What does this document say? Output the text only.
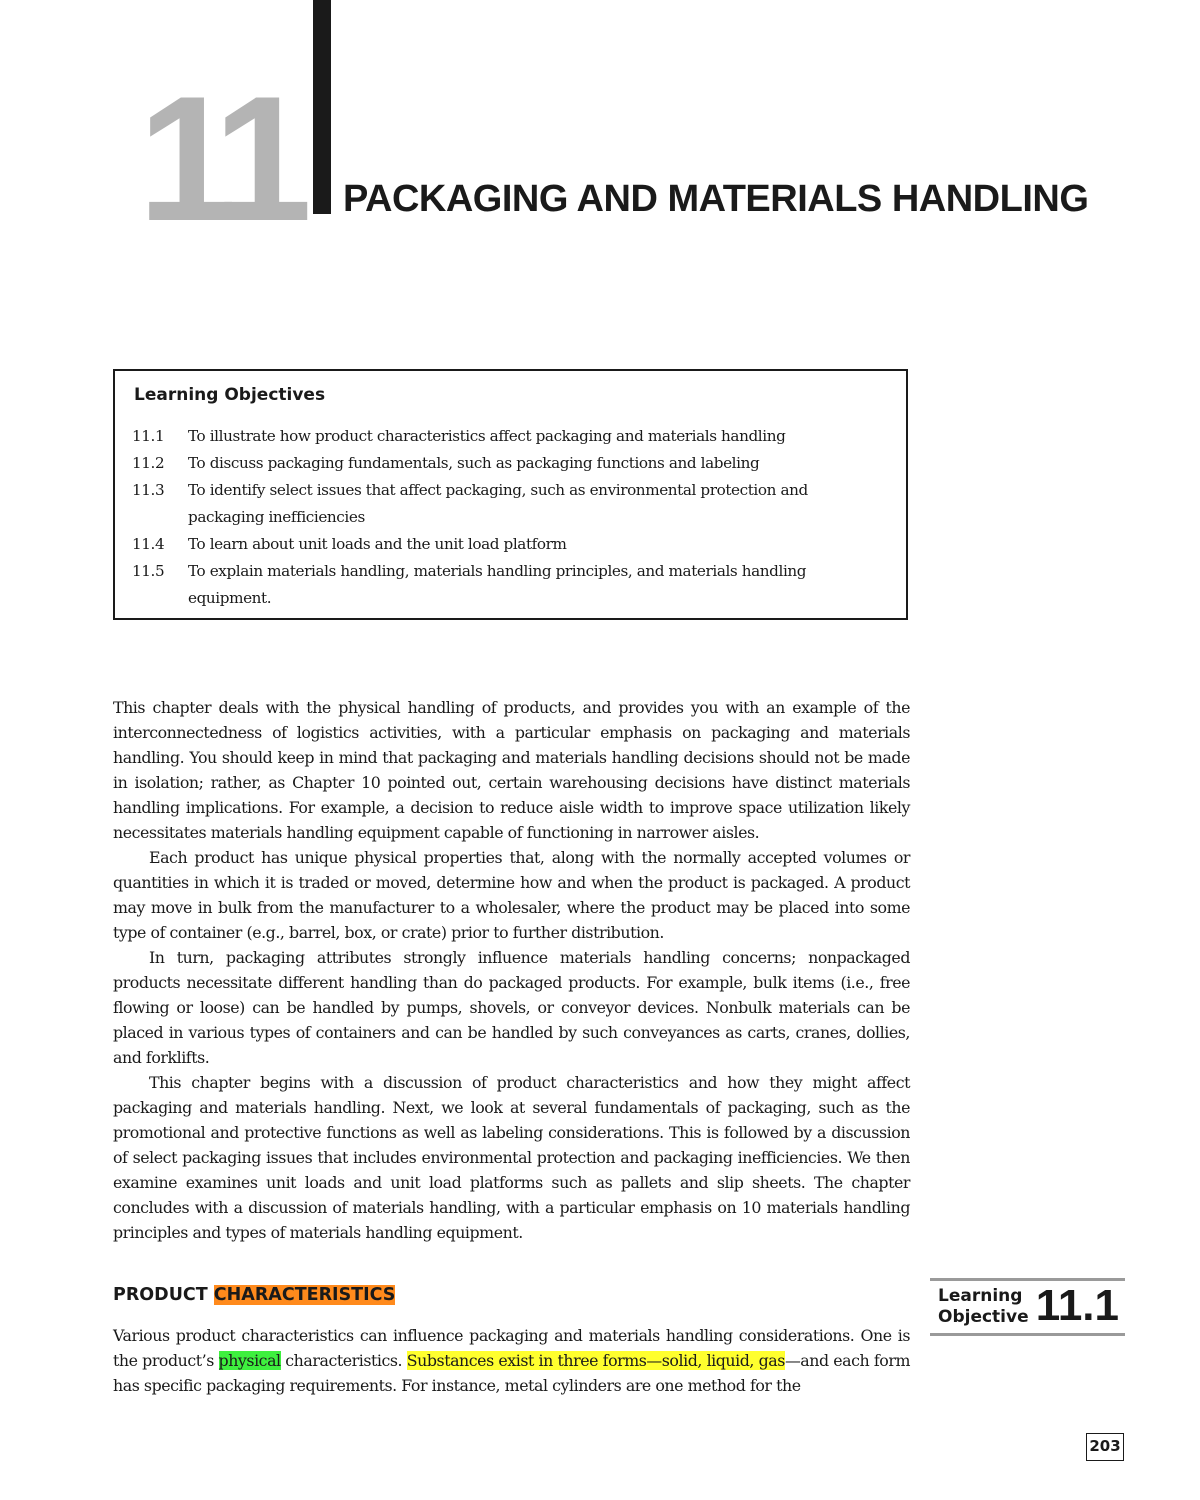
11 PACKAGING AND MATERIALS HANDLING
Learning Objectives
11.1	To illustrate how product characteristics affect packaging and materials handling
11.2	To discuss packaging fundamentals, such as packaging functions and labeling
11.3	To identify select issues that affect packaging, such as environmental protection and packaging inefficiencies
11.4	To learn about unit loads and the unit load platform
11.5	To explain materials handling, materials handling principles, and materials handling equipment.

This chapter deals with the physical handling of products, and provides you with an example of the interconnectedness of logistics activities, with a particular emphasis on packaging and materials handling. You should keep in mind that packaging and materials handling decisions should not be made in isolation; rather, as Chapter 10 pointed out, certain warehousing decisions have distinct materials handling implications. For example, a decision to reduce aisle width to improve space utilization likely necessitates materials handling equipment capable of functioning in narrower aisles.

Each product has unique physical properties that, along with the normally accepted volumes or quantities in which it is traded or moved, determine how and when the product is packaged. A product may move in bulk from the manufacturer to a wholesaler, where the product may be placed into some type of container (e.g., barrel, box, or crate) prior to further distribution.

In turn, packaging attributes strongly influence materials handling concerns; nonpackaged products necessitate different handling than do packaged products. For example, bulk items (i.e., free flowing or loose) can be handled by pumps, shovels, or conveyor devices. Nonbulk materials can be placed in various types of containers and can be handled by such conveyances as carts, cranes, dollies, and forklifts.

This chapter begins with a discussion of product characteristics and how they might affect packaging and materials handling. Next, we look at several fundamentals of packaging, such as the promotional and protective functions as well as labeling considerations. This is followed by a discussion of select packaging issues that includes environmental protection and packaging inefficiencies. We then examine examines unit loads and unit load platforms such as pallets and slip sheets. The chapter concludes with a discussion of materials handling, with a particular emphasis on 10 materials handling principles and types of materials handling equipment.

PRODUCT CHARACTERISTICS

Various product characteristics can influence packaging and materials handling considerations. One is the product’s physical characteristics. Substances exist in three forms—solid, liquid, gas—and each form has specific packaging requirements. For instance, metal cylinders are one method for the

Learning
Objective 11.1
203
